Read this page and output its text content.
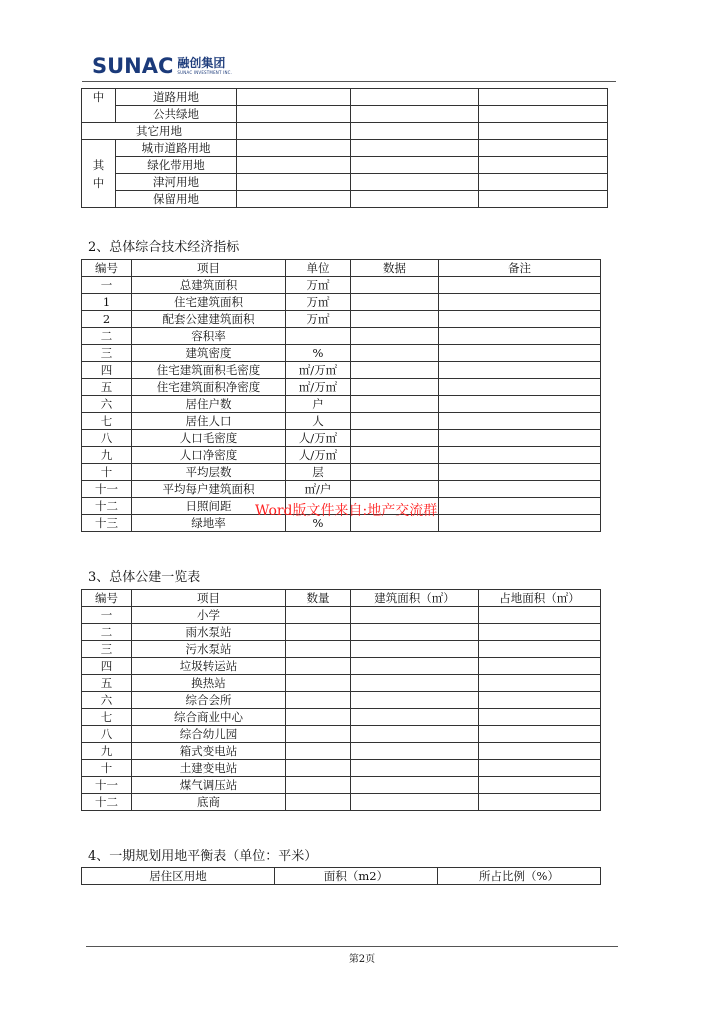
SUNAC 融创集团
SUNAC INVESTMENT INC.
中	道路用地			
	公共绿地			
其它用地				
其
中	城市道路用地			
	绿化带用地			
	津河用地			
	保留用地			
2、总体综合技术经济指标
编号	项目	单位	数据	备注
一	总建筑面积	万㎡		
1	住宅建筑面积	万㎡		
2	配套公建建筑面积	万㎡		
二	容积率			
三	建筑密度	%		
四	住宅建筑面积毛密度	㎡/万㎡		
五	住宅建筑面积净密度	㎡/万㎡		
六	居住户数	户		
七	居住人口	人		
八	人口毛密度	人/万㎡		
九	人口净密度	人/万㎡		
十	平均层数	层		
十一	平均每户建筑面积	㎡/户		
十二	日照间距			
十三	绿地率	%		
Word版文件来自:地产交流群
3、总体公建一览表
编号	项目	数量	建筑面积（㎡）	占地面积（㎡）
一	小学			
二	雨水泵站			
三	污水泵站			
四	垃圾转运站			
五	换热站			
六	综合会所			
七	综合商业中心			
八	综合幼儿园			
九	箱式变电站			
十	土建变电站			
十一	煤气调压站			
十二	底商			
4、一期规划用地平衡表（单位：平米）
居住区用地	面积（m2）	所占比例（%）
第2页
